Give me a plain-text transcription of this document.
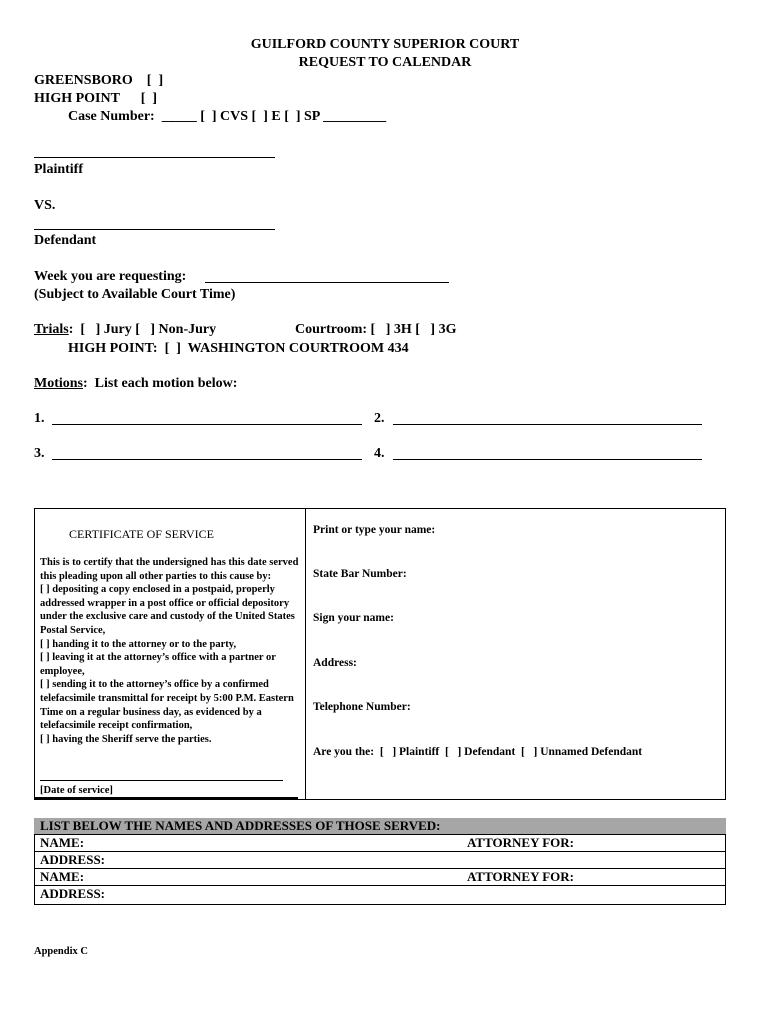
GUILFORD COUNTY SUPERIOR COURT
REQUEST TO CALENDAR
GREENSBORO    [  ]
HIGH POINT      [  ]
Case Number:  _____ [  ] CVS [  ] E [  ] SP _________
Plaintiff
VS.
Defendant
Week you are requesting:
(Subject to Available Court Time)
Trials:  [   ] Jury [   ] Non-Jury	Courtroom: [   ] 3H [   ] 3G
HIGH POINT:  [  ]  WASHINGTON COURTROOM 434
Motions:  List each motion below:
1.	2.
3.	4.
CERTIFICATE OF SERVICE
This is to certify that the undersigned has this date served this pleading upon all other parties to this cause by:
[ ] depositing a copy enclosed in a postpaid, properly addressed wrapper in a post office or official depository under the exclusive care and custody of the United States Postal Service,
[ ] handing it to the attorney or to the party,
[ ] leaving it at the attorney’s office with a partner or employee,
[ ] sending it to the attorney’s office by a confirmed telefacsimile transmittal for receipt by 5:00 P.M. Eastern Time on a regular business day, as evidenced by a telefacsimile receipt confirmation,
[ ] having the Sheriff serve the parties.
[Date of service]
Print or type your name:
State Bar Number:
Sign your name:
Address:
Telephone Number:
Are you the:  [   ] Plaintiff  [   ] Defendant  [   ] Unnamed Defendant
LIST BELOW THE NAMES AND ADDRESSES OF THOSE SERVED:
NAME:	ATTORNEY FOR:
ADDRESS:
NAME:	ATTORNEY FOR:
ADDRESS:
Appendix C
